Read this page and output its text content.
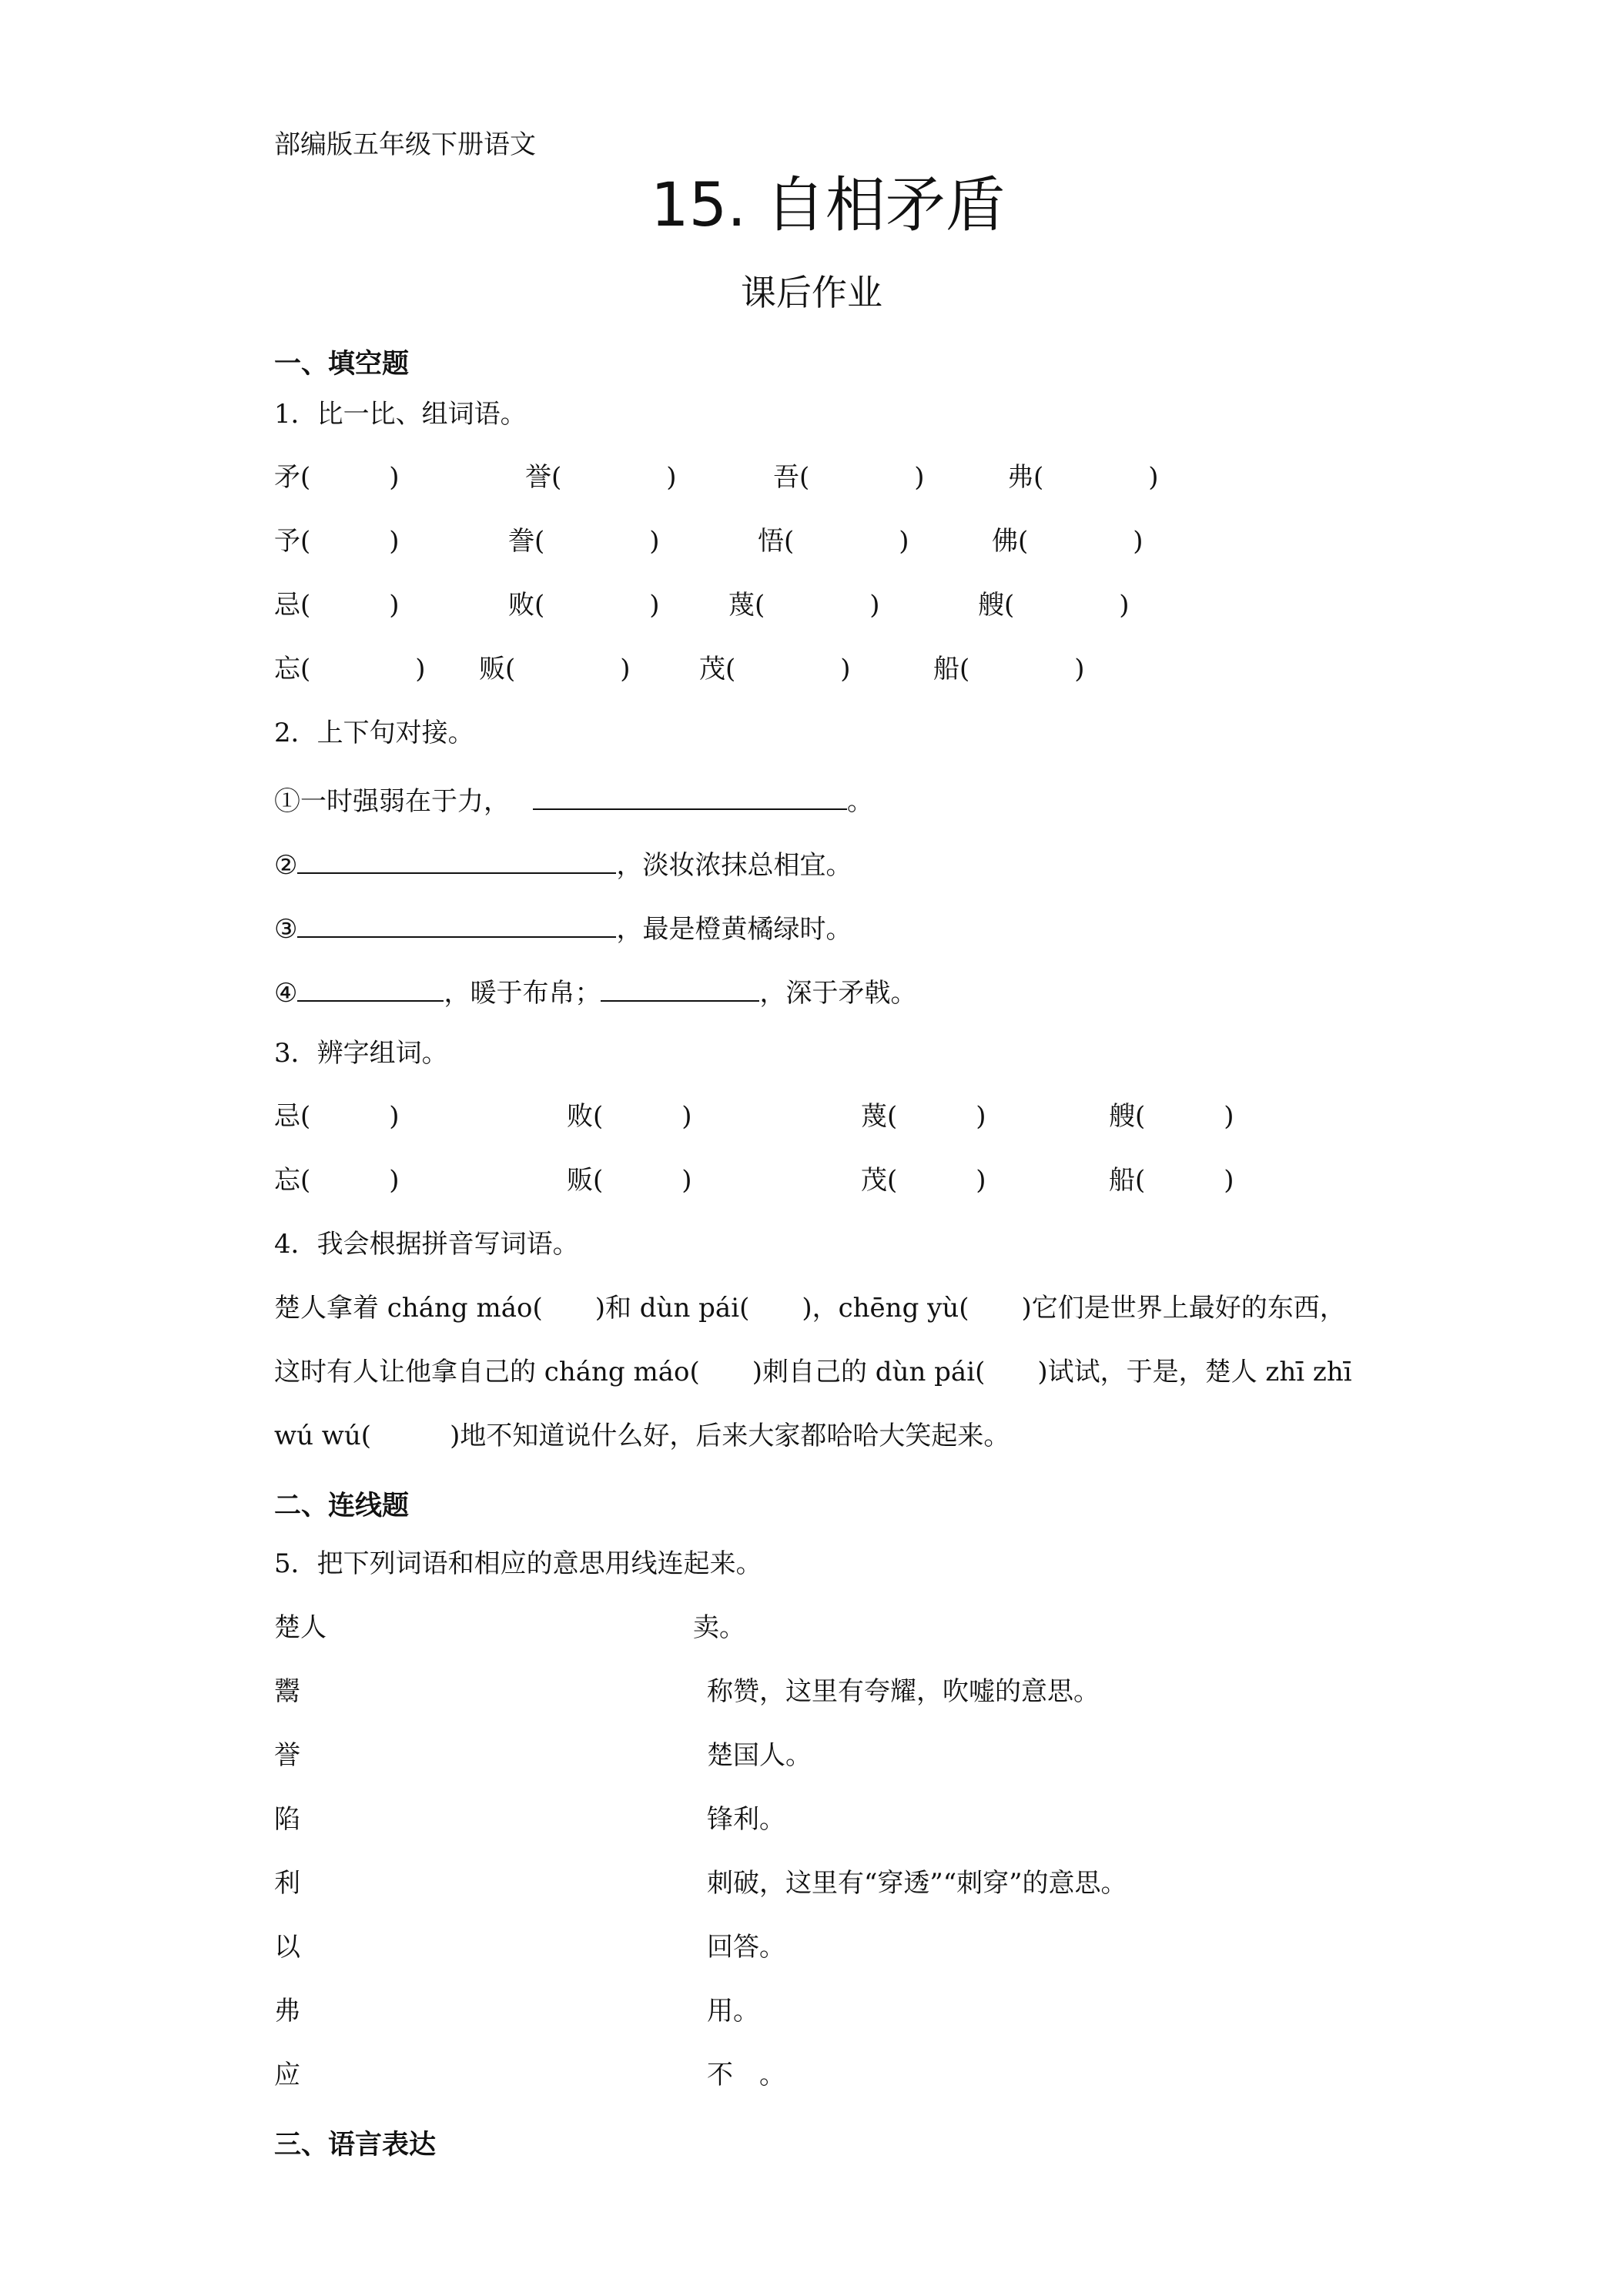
部编版五年级下册语文
15. 自相矛盾
课后作业
一、填空题
1．比一比、组词语。
矛(　　　)	誉(　　　　)	吾(　　　　)	弗(　　　　)
予(　　　)	誊(　　　　)	悟(　　　　)	佛(　　　　)
忌(　　　)	败(　　　　)	蔑(　　　　)	艘(　　　　)
忘(　　　　) 贩(　　　　)	茂(　　　　)	船(　　　　)
2．上下句对接。
①一时强弱在于力，	。
②	，淡妆浓抹总相宜。
③	，最是橙黄橘绿时。
④	，暖于布帛；	，深于矛戟。
3．辨字组词。
忌(　　　)	败(　　　)	蔑(　　　)	艘(　　　)
忘(　　　)	贩(　　　)	茂(　　　)	船(　　　)
4．我会根据拼音写词语。
楚人拿着 cháng máo(　　)和 dùn pái(　　)，chēng yù(　　)它们是世界上最好的东西，
这时有人让他拿自己的 cháng máo(　　)刺自己的 dùn pái(　　)试试，于是，楚人 zhī zhī
wú wú(　　　)地不知道说什么好，后来大家都哈哈大笑起来。
二、连线题
5．把下列词语和相应的意思用线连起来。
楚人	卖。
鬻	称赞，这里有夸耀，吹嘘的意思。
誉	楚国人。
陷	锋利。
利	刺破，这里有“穿透”“刺穿”的意思。
以	回答。
弗	用。
应	不　。
三、语言表达
